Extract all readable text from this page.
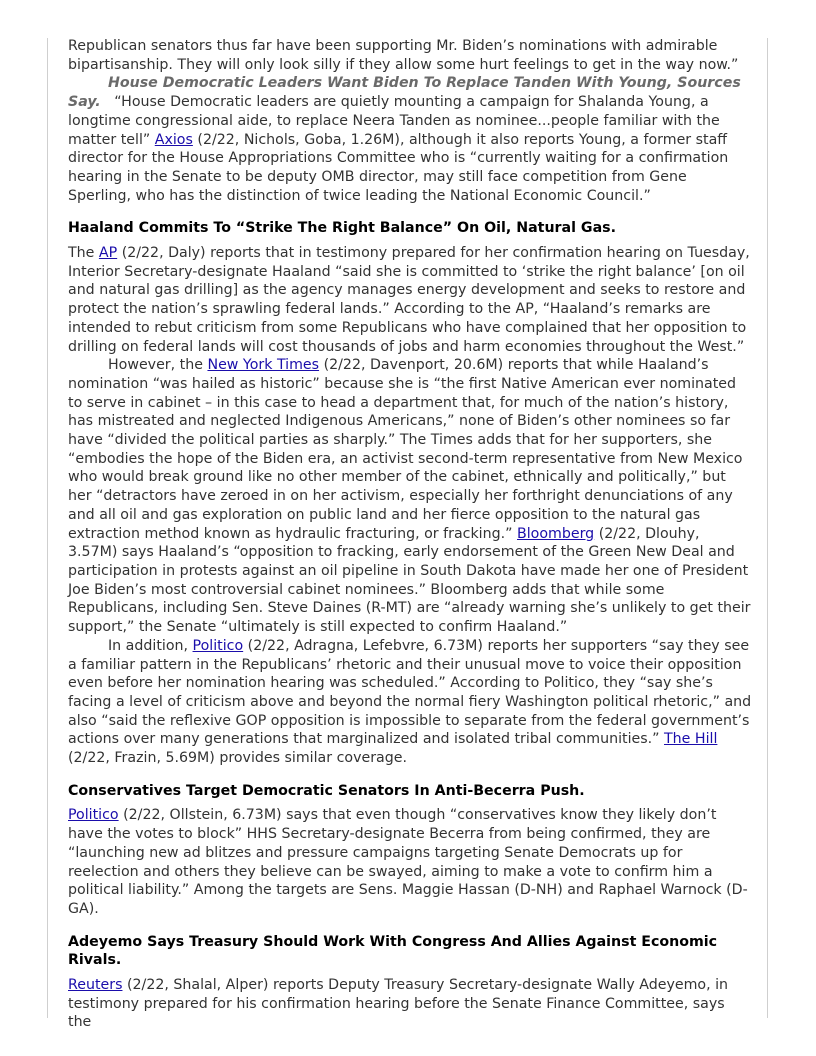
Republican senators thus far have been supporting Mr. Biden’s nominations with admirable bipartisanship. They will only look silly if they allow some hurt feelings to get in the way now.”

House Democratic Leaders Want Biden To Replace Tanden With Young, Sources Say. “House Democratic leaders are quietly mounting a campaign for Shalanda Young, a longtime congressional aide, to replace Neera Tanden as nominee...people familiar with the matter tell” Axios (2/22, Nichols, Goba, 1.26M), although it also reports Young, a former staff director for the House Appropriations Committee who is “currently waiting for a confirmation hearing in the Senate to be deputy OMB director, may still face competition from Gene Sperling, who has the distinction of twice leading the National Economic Council.”

Haaland Commits To “Strike The Right Balance” On Oil, Natural Gas.

The AP (2/22, Daly) reports that in testimony prepared for her confirmation hearing on Tuesday, Interior Secretary-designate Haaland “said she is committed to ‘strike the right balance’ [on oil and natural gas drilling] as the agency manages energy development and seeks to restore and protect the nation’s sprawling federal lands.” According to the AP, “Haaland’s remarks are intended to rebut criticism from some Republicans who have complained that her opposition to drilling on federal lands will cost thousands of jobs and harm economies throughout the West.”

However, the New York Times (2/22, Davenport, 20.6M) reports that while Haaland’s nomination “was hailed as historic” because she is “the first Native American ever nominated to serve in cabinet – in this case to head a department that, for much of the nation’s history, has mistreated and neglected Indigenous Americans,” none of Biden’s other nominees so far have “divided the political parties as sharply.” The Times adds that for her supporters, she “embodies the hope of the Biden era, an activist second-term representative from New Mexico who would break ground like no other member of the cabinet, ethnically and politically,” but her “detractors have zeroed in on her activism, especially her forthright denunciations of any and all oil and gas exploration on public land and her fierce opposition to the natural gas extraction method known as hydraulic fracturing, or fracking.” Bloomberg (2/22, Dlouhy, 3.57M) says Haaland’s “opposition to fracking, early endorsement of the Green New Deal and participation in protests against an oil pipeline in South Dakota have made her one of President Joe Biden’s most controversial cabinet nominees.” Bloomberg adds that while some Republicans, including Sen. Steve Daines (R-MT) are “already warning she’s unlikely to get their support,” the Senate “ultimately is still expected to confirm Haaland.”

In addition, Politico (2/22, Adragna, Lefebvre, 6.73M) reports her supporters “say they see a familiar pattern in the Republicans’ rhetoric and their unusual move to voice their opposition even before her nomination hearing was scheduled.” According to Politico, they “say she’s facing a level of criticism above and beyond the normal fiery Washington political rhetoric,” and also “said the reflexive GOP opposition is impossible to separate from the federal government’s actions over many generations that marginalized and isolated tribal communities.” The Hill (2/22, Frazin, 5.69M) provides similar coverage.

Conservatives Target Democratic Senators In Anti-Becerra Push.

Politico (2/22, Ollstein, 6.73M) says that even though “conservatives know they likely don’t have the votes to block” HHS Secretary-designate Becerra from being confirmed, they are “launching new ad blitzes and pressure campaigns targeting Senate Democrats up for reelection and others they believe can be swayed, aiming to make a vote to confirm him a political liability.” Among the targets are Sens. Maggie Hassan (D-NH) and Raphael Warnock (D-GA).

Adeyemo Says Treasury Should Work With Congress And Allies Against Economic Rivals.

Reuters (2/22, Shalal, Alper) reports Deputy Treasury Secretary-designate Wally Adeyemo, in testimony prepared for his confirmation hearing before the Senate Finance Committee, says the
